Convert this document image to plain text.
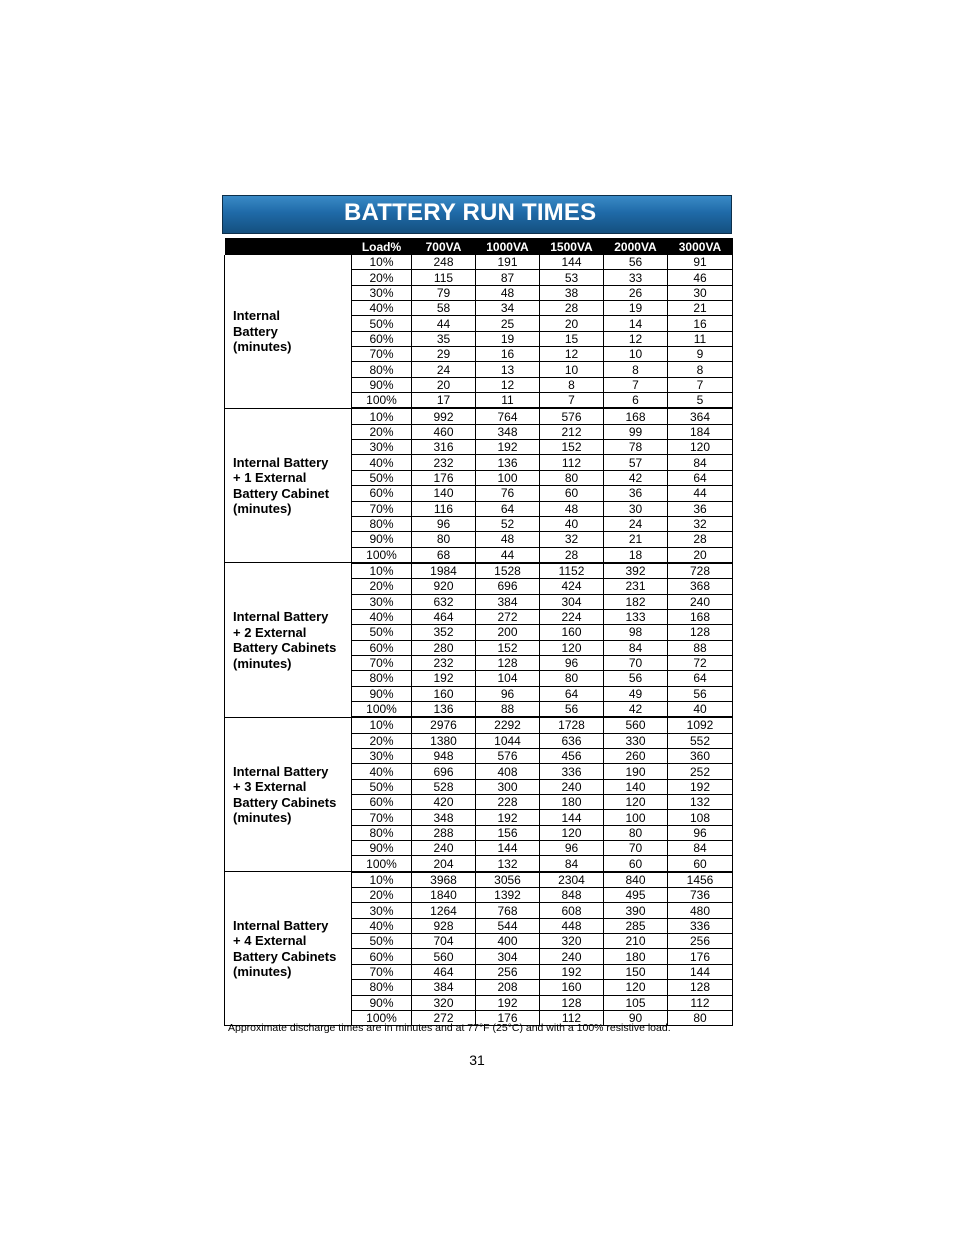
BATTERY RUN TIMES
	Load%	700VA	1000VA	1500VA	2000VA	3000VA
Internal
Battery
(minutes)	10%	248	191	144	56	91
	20%	115	87	53	33	46
	30%	79	48	38	26	30
	40%	58	34	28	19	21
	50%	44	25	20	14	16
	60%	35	19	15	12	11
	70%	29	16	12	10	9
	80%	24	13	10	8	8
	90%	20	12	8	7	7
	100%	17	11	7	6	5
Internal Battery
+ 1 External
Battery Cabinet
(minutes)	10%	992	764	576	168	364
	20%	460	348	212	99	184
	30%	316	192	152	78	120
	40%	232	136	112	57	84
	50%	176	100	80	42	64
	60%	140	76	60	36	44
	70%	116	64	48	30	36
	80%	96	52	40	24	32
	90%	80	48	32	21	28
	100%	68	44	28	18	20
Internal Battery
+ 2 External
Battery Cabinets
(minutes)	10%	1984	1528	1152	392	728
	20%	920	696	424	231	368
	30%	632	384	304	182	240
	40%	464	272	224	133	168
	50%	352	200	160	98	128
	60%	280	152	120	84	88
	70%	232	128	96	70	72
	80%	192	104	80	56	64
	90%	160	96	64	49	56
	100%	136	88	56	42	40
Internal Battery
+ 3 External
Battery Cabinets
(minutes)	10%	2976	2292	1728	560	1092
	20%	1380	1044	636	330	552
	30%	948	576	456	260	360
	40%	696	408	336	190	252
	50%	528	300	240	140	192
	60%	420	228	180	120	132
	70%	348	192	144	100	108
	80%	288	156	120	80	96
	90%	240	144	96	70	84
	100%	204	132	84	60	60
Internal Battery
+ 4 External
Battery Cabinets
(minutes)	10%	3968	3056	2304	840	1456
	20%	1840	1392	848	495	736
	30%	1264	768	608	390	480
	40%	928	544	448	285	336
	50%	704	400	320	210	256
	60%	560	304	240	180	176
	70%	464	256	192	150	144
	80%	384	208	160	120	128
	90%	320	192	128	105	112
	100%	272	176	112	90	80
Approximate discharge times are in minutes and at 77°F (25°C) and with a 100% resistive load.
31
